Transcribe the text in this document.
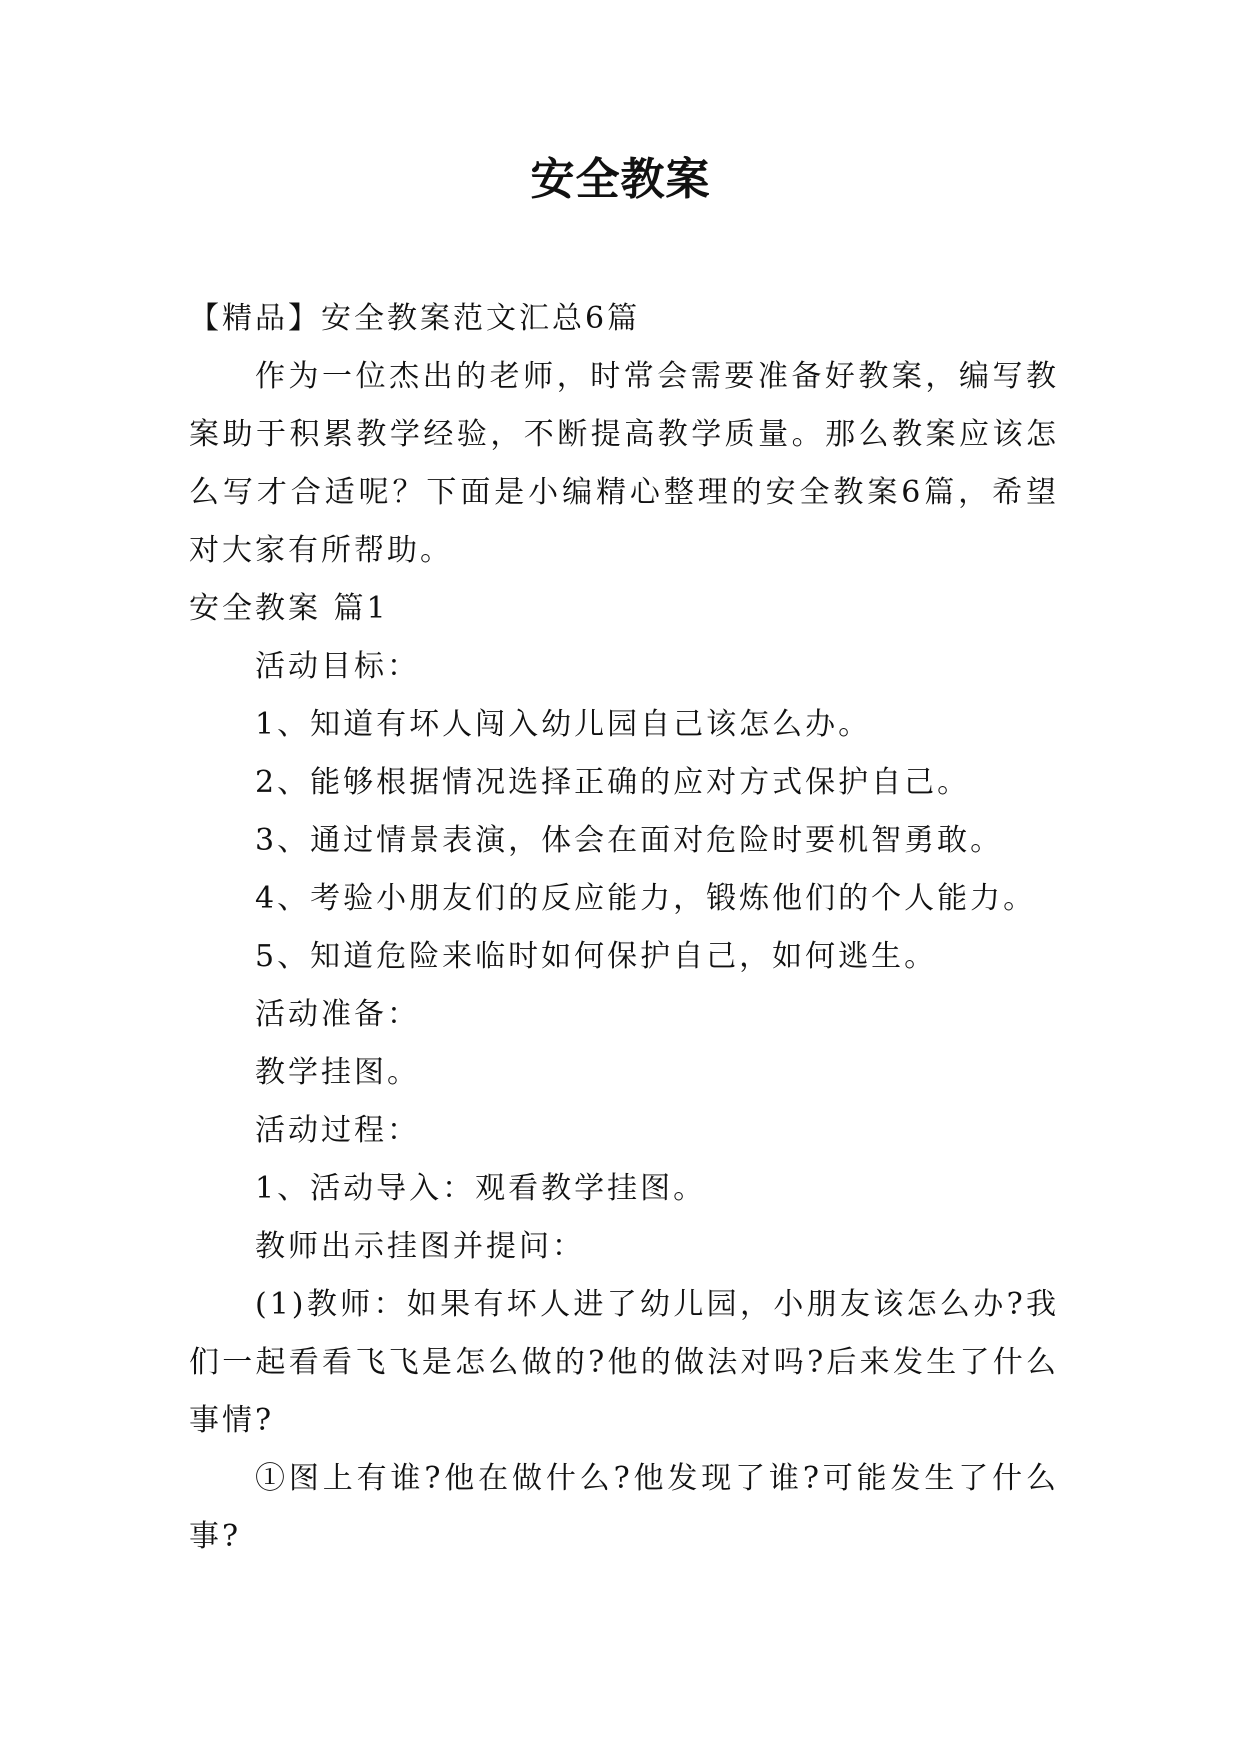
安全教案

【精品】安全教案范文汇总6篇

作为一位杰出的老师，时常会需要准备好教案，编写教案助于积累教学经验，不断提高教学质量。那么教案应该怎么写才合适呢？下面是小编精心整理的安全教案6篇，希望对大家有所帮助。

安全教案 篇1

活动目标：

1、知道有坏人闯入幼儿园自己该怎么办。

2、能够根据情况选择正确的应对方式保护自己。

3、通过情景表演，体会在面对危险时要机智勇敢。

4、考验小朋友们的反应能力，锻炼他们的个人能力。

5、知道危险来临时如何保护自己，如何逃生。

活动准备：

教学挂图。

活动过程：

1、活动导入：观看教学挂图。

教师出示挂图并提问：

(1)教师：如果有坏人进了幼儿园，小朋友该怎么办?我们一起看看飞飞是怎么做的?他的做法对吗?后来发生了什么事情?

①图上有谁?他在做什么?他发现了谁?可能发生了什么事?
